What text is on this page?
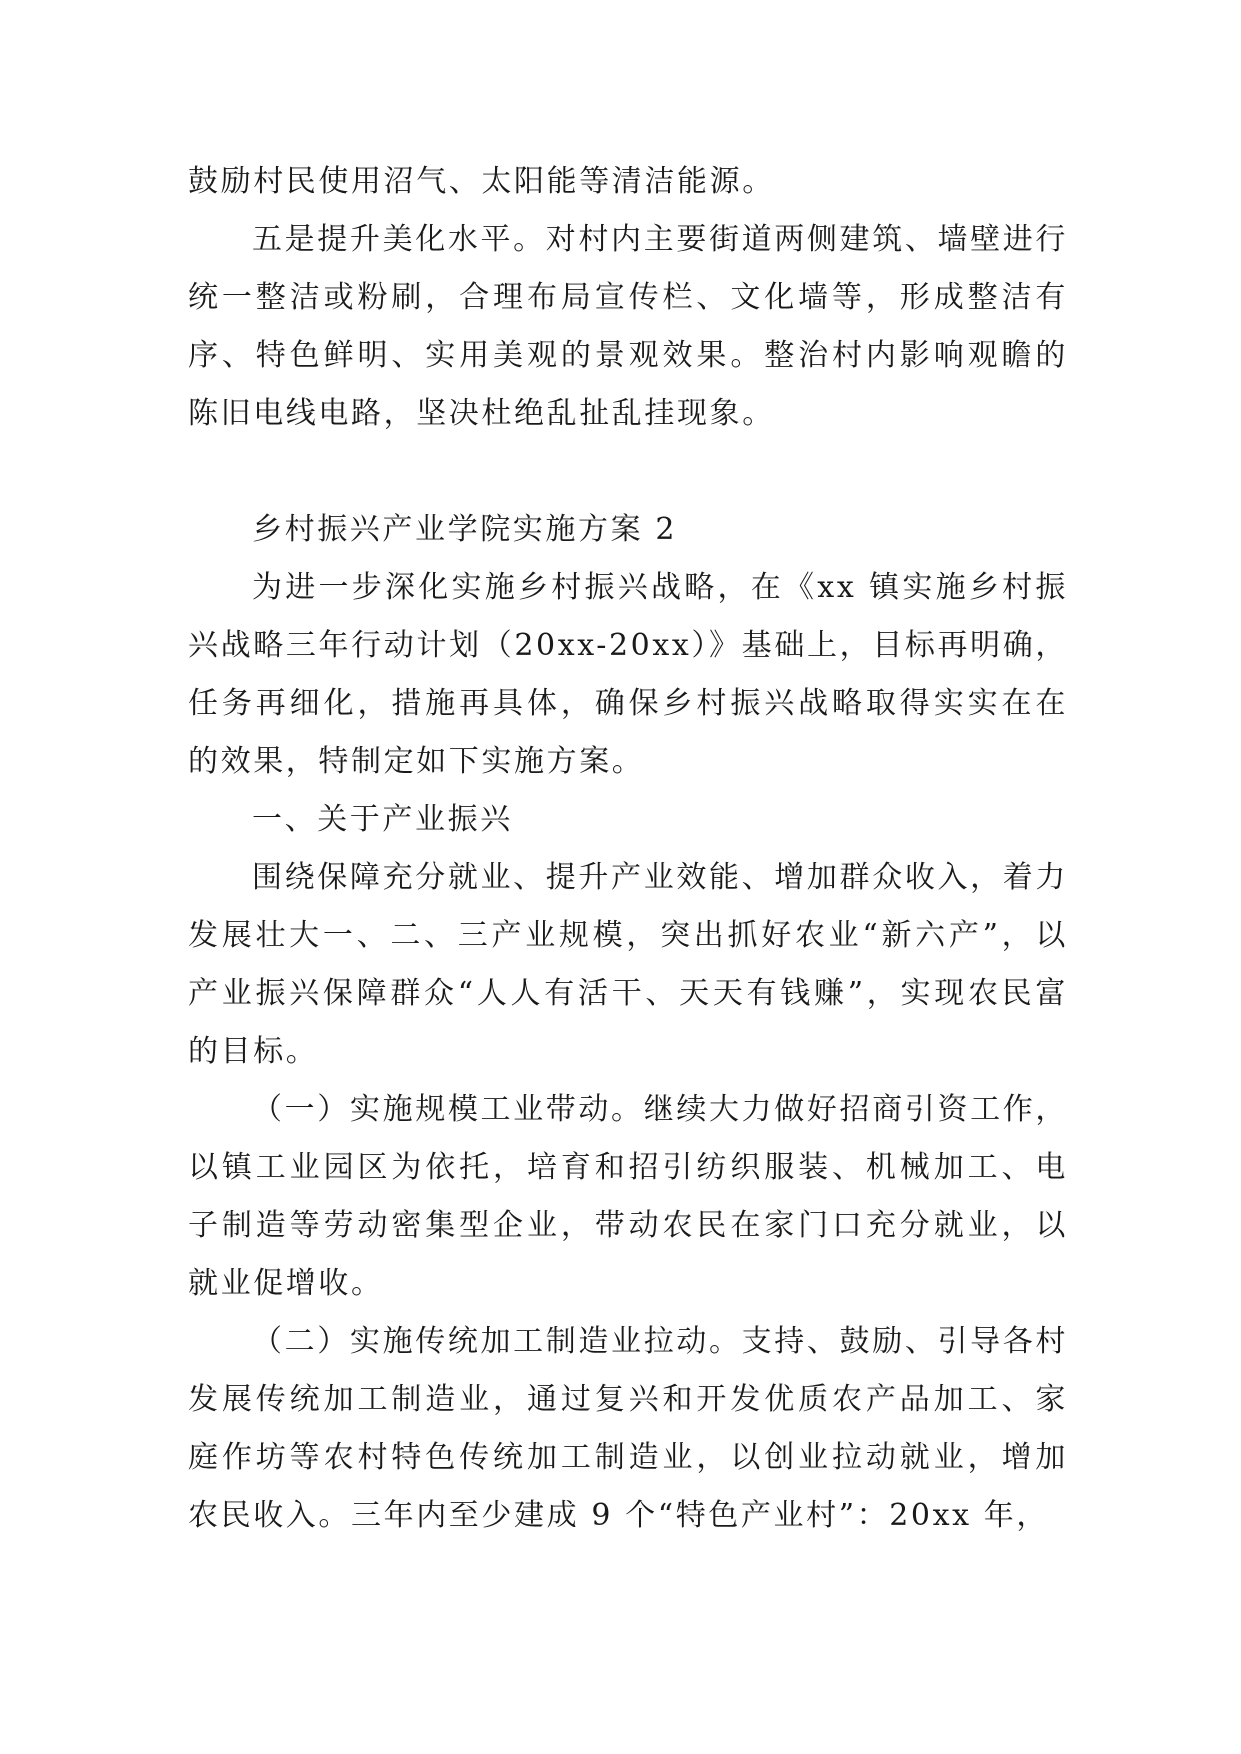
鼓励村民使用沼气、太阳能等清洁能源。

五是提升美化水平。对村内主要街道两侧建筑、墙壁进行统一整洁或粉刷，合理布局宣传栏、文化墙等，形成整洁有序、特色鲜明、实用美观的景观效果。整治村内影响观瞻的陈旧电线电路，坚决杜绝乱扯乱挂现象。

乡村振兴产业学院实施方案 2

为进一步深化实施乡村振兴战略，在《xx 镇实施乡村振兴战略三年行动计划（20xx-20xx）》基础上，目标再明确，任务再细化，措施再具体，确保乡村振兴战略取得实实在在的效果，特制定如下实施方案。

一、关于产业振兴

围绕保障充分就业、提升产业效能、增加群众收入，着力发展壮大一、二、三产业规模，突出抓好农业“新六产”，以产业振兴保障群众“人人有活干、天天有钱赚”，实现农民富的目标。

（一）实施规模工业带动。继续大力做好招商引资工作，以镇工业园区为依托，培育和招引纺织服装、机械加工、电子制造等劳动密集型企业，带动农民在家门口充分就业，以就业促增收。

（二）实施传统加工制造业拉动。支持、鼓励、引导各村发展传统加工制造业，通过复兴和开发优质农产品加工、家庭作坊等农村特色传统加工制造业，以创业拉动就业，增加农民收入。三年内至少建成 9 个“特色产业村”：20xx 年，
